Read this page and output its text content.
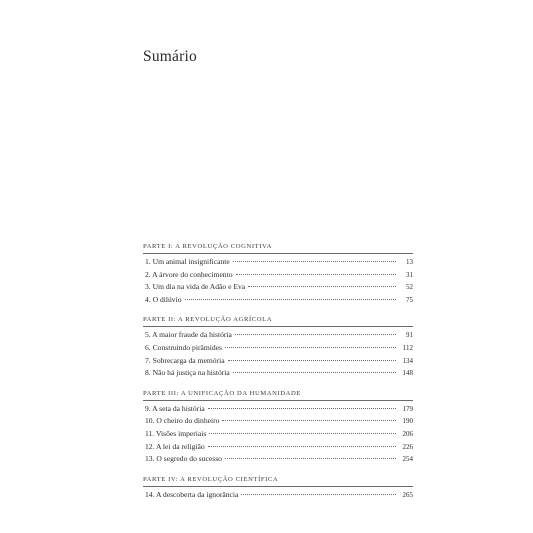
Sumário
PARTE I: A REVOLUÇÃO COGNITIVA
1. Um animal insignificante	13
2. A árvore do conhecimento	31
3. Um dia na vida de Adão e Eva	52
4. O dilúvio	75
PARTE II: A REVOLUÇÃO AGRÍCOLA
5. A maior fraude da história	91
6. Construindo pirâmides	112
7. Sobrecarga da memória	134
8. Não há justiça na história	148
PARTE III: A UNIFICAÇÃO DA HUMANIDADE
9. A seta da história	179
10. O cheiro do dinheiro	190
11. Visões imperiais	206
12. A lei da religião	226
13. O segredo do sucesso	254
PARTE IV: A REVOLUÇÃO CIENTÍFICA
14. A descoberta da ignorância	265
